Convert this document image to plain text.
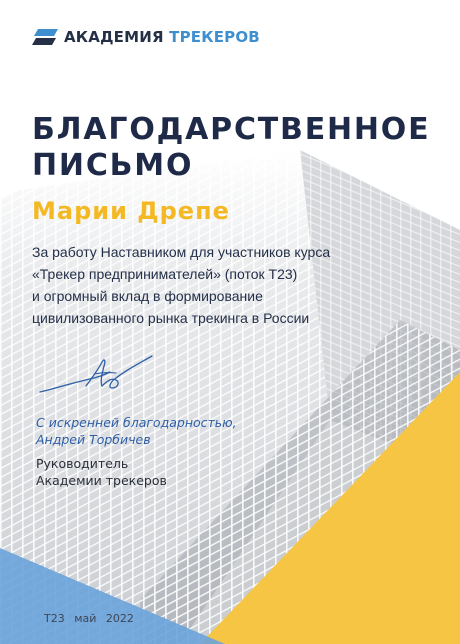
АКАДЕМИЯ ТРЕКЕРОВ
БЛАГОДАРСТВЕННОЕ
ПИСЬМО
Марии Дрепе
За работу Наставником для участников курса
«Трекер предпринимателей» (поток Т23)
и огромный вклад в формирование
цивилизованного рынка трекинга в России
С искренней благодарностью,
Андрей Торбичев
Руководитель
Академии трекеров
Т23 май 2022
